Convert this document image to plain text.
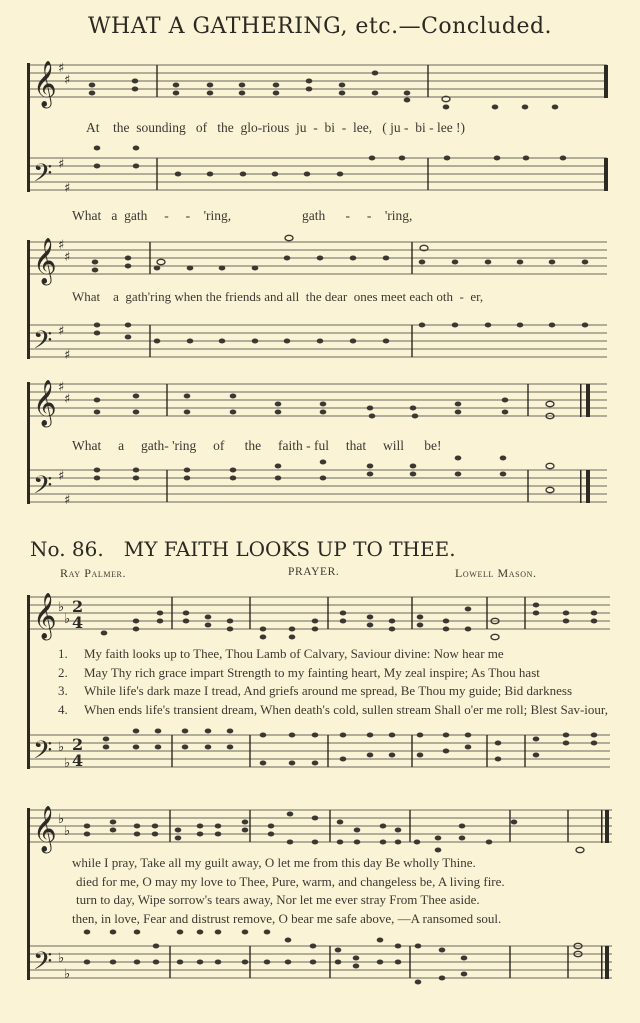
𝄞
𝄢
𝄞
𝄢
𝄞
𝄢
𝄞
𝄢
𝄞
𝄢
♯
♯
♯
♯
♯
♯
♯
♯
♯
♯
♯
♯
♭
♭
♭
♭
♭
♭
♭
♭
2
4
2
4
WHAT A GATHERING, etc.—Concluded.
At    the  sounding   of   the  glo-rious  ju  -  bi  -  lee,   ( ju -  bi - lee !)
What   a  gath     -     -    'ring,                     gath      -     -    'ring,
What    a  gath'ring when the friends and all  the dear  ones meet each oth  -  er,
What     a     gath- 'ring     of      the     faith - ful     that     will      be!
No. 86. MY FAITH LOOKS UP TO THEE.
Ray Palmer.	PRAYER.	Lowell Mason.
1. My faith looks up to Thee, Thou Lamb of Calvary, Saviour divine: Now hear me
2. May Thy rich grace impart Strength to my fainting heart, My zeal inspire; As Thou hast
3. While life's dark maze I tread, And griefs around me spread, Be Thou my guide; Bid darkness
4. When ends life's transient dream, When death's cold, sullen stream Shall o'er me roll; Blest Sav-iour,
while I pray, Take all my guilt away, O let me from this day Be wholly Thine.
died for me, O may my love to Thee, Pure, warm, and changeless be, A living fire.
turn to day, Wipe sorrow's tears away, Nor let me ever stray From Thee aside.
then, in love, Fear and distrust remove, O bear me safe above, —A ransomed soul.
